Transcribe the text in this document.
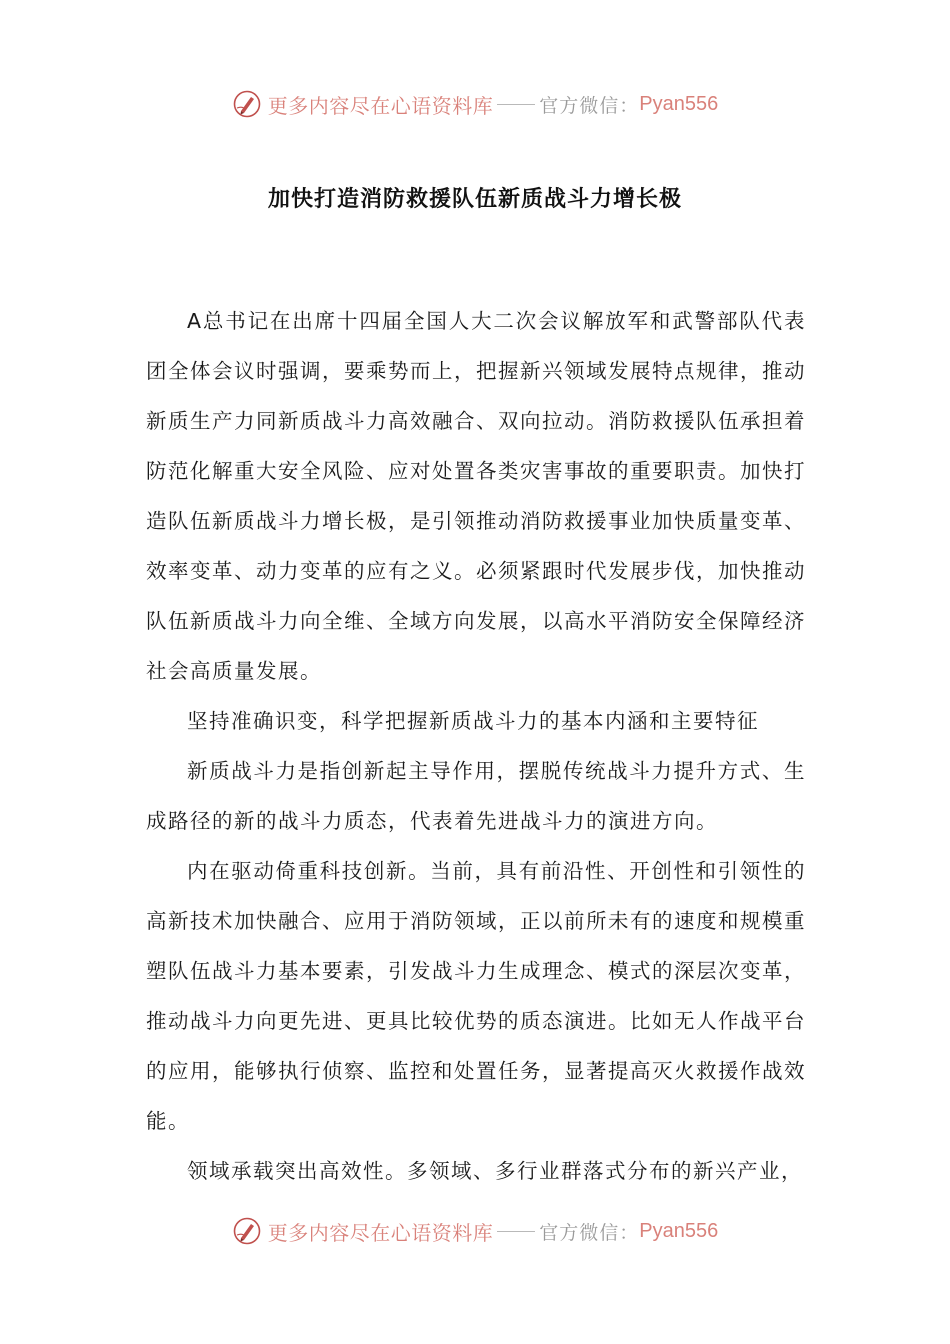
更多内容尽在心语资料库 官方微信： Pyan556
加快打造消防救援队伍新质战斗力增长极

A总书记在出席十四届全国人大二次会议解放军和武警部队代表团全体会议时强调，要乘势而上，把握新兴领域发展特点规律，推动新质生产力同新质战斗力高效融合、双向拉动。消防救援队伍承担着防范化解重大安全风险、应对处置各类灾害事故的重要职责。加快打造队伍新质战斗力增长极，是引领推动消防救援事业加快质量变革、效率变革、动力变革的应有之义。必须紧跟时代发展步伐，加快推动队伍新质战斗力向全维、全域方向发展，以高水平消防安全保障经济社会高质量发展。

坚持准确识变，科学把握新质战斗力的基本内涵和主要特征

新质战斗力是指创新起主导作用，摆脱传统战斗力提升方式、生成路径的新的战斗力质态，代表着先进战斗力的演进方向。

内在驱动倚重科技创新。当前，具有前沿性、开创性和引领性的高新技术加快融合、应用于消防领域，正以前所未有的速度和规模重塑队伍战斗力基本要素，引发战斗力生成理念、模式的深层次变革，推动战斗力向更先进、更具比较优势的质态演进。比如无人作战平台的应用，能够执行侦察、监控和处置任务，显著提高灭火救援作战效能。

领域承载突出高效性。多领域、多行业群落式分布的新兴产业，

更多内容尽在心语资料库 官方微信： Pyan556
